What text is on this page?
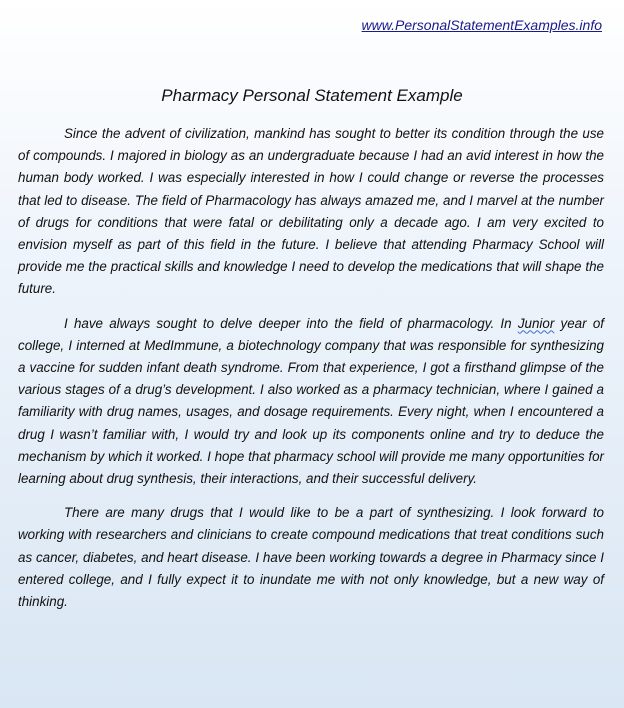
www.PersonalStatementExamples.info
Pharmacy Personal Statement Example

Since the advent of civilization, mankind has sought to better its condition through the use of compounds. I majored in biology as an undergraduate because I had an avid interest in how the human body worked. I was especially interested in how I could change or reverse the processes that led to disease. The field of Pharmacology has always amazed me, and I marvel at the number of drugs for conditions that were fatal or debilitating only a decade ago. I am very excited to envision myself as part of this field in the future. I believe that attending Pharmacy School will provide me the practical skills and knowledge I need to develop the medications that will shape the future.

I have always sought to delve deeper into the field of pharmacology. In Junior year of college, I interned at MedImmune, a biotechnology company that was responsible for synthesizing a vaccine for sudden infant death syndrome. From that experience, I got a firsthand glimpse of the various stages of a drug’s development. I also worked as a pharmacy technician, where I gained a familiarity with drug names, usages, and dosage requirements. Every night, when I encountered a drug I wasn’t familiar with, I would try and look up its components online and try to deduce the mechanism by which it worked. I hope that pharmacy school will provide me many opportunities for learning about drug synthesis, their interactions, and their successful delivery.

There are many drugs that I would like to be a part of synthesizing. I look forward to working with researchers and clinicians to create compound medications that treat conditions such as cancer, diabetes, and heart disease. I have been working towards a degree in Pharmacy since I entered college, and I fully expect it to inundate me with not only knowledge, but a new way of thinking.
